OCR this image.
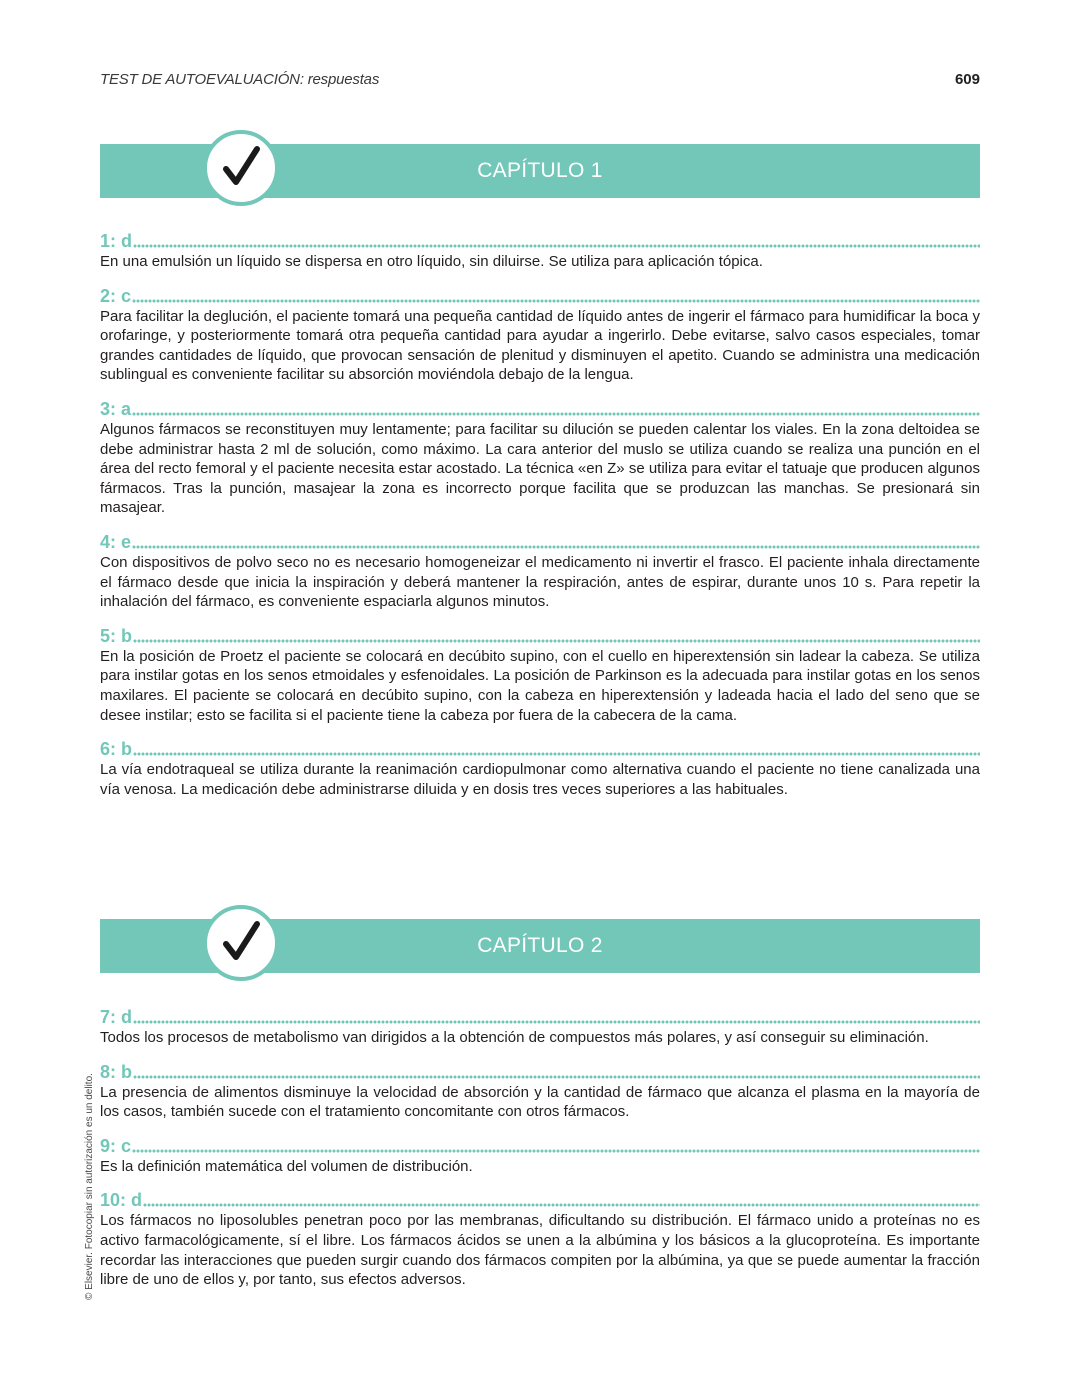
TEST DE AUTOEVALUACIÓN: respuestas	609
CAPÍTULO 1
1: d

En una emulsión un líquido se dispersa en otro líquido, sin diluirse. Se utiliza para aplicación tópica.

2: c

Para facilitar la deglución, el paciente tomará una pequeña cantidad de líquido antes de ingerir el fármaco para humidificar la boca y orofaringe, y posteriormente tomará otra pequeña cantidad para ayudar a ingerirlo. Debe evitarse, salvo casos especiales, tomar grandes cantidades de líquido, que provocan sensación de plenitud y disminuyen el apetito. Cuando se administra una medicación sublingual es conveniente facilitar su absorción moviéndola debajo de la lengua.

3: a

Algunos fármacos se reconstituyen muy lentamente; para facilitar su dilución se pueden calentar los viales. En la zona deltoidea se debe administrar hasta 2 ml de solución, como máximo. La cara anterior del muslo se utiliza cuando se realiza una punción en el área del recto femoral y el paciente necesita estar acostado. La técnica «en Z» se utiliza para evitar el tatuaje que producen algunos fármacos. Tras la punción, masajear la zona es incorrecto porque facilita que se produzcan las manchas. Se presionará sin masajear.

4: e

Con dispositivos de polvo seco no es necesario homogeneizar el medicamento ni invertir el frasco. El paciente inhala directamente el fármaco desde que inicia la inspiración y deberá mantener la respiración, antes de espirar, durante unos 10 s. Para repetir la inhalación del fármaco, es conveniente espaciarla algunos minutos.

5: b

En la posición de Proetz el paciente se colocará en decúbito supino, con el cuello en hiperextensión sin ladear la cabeza. Se utiliza para instilar gotas en los senos etmoidales y esfenoidales. La posición de Parkinson es la adecuada para instilar gotas en los senos maxilares. El paciente se colocará en decúbito supino, con la cabeza en hiperextensión y ladeada hacia el lado del seno que se desee instilar; esto se facilita si el paciente tiene la cabeza por fuera de la cabecera de la cama.

6: b

La vía endotraqueal se utiliza durante la reanimación cardiopulmonar como alternativa cuando el paciente no tiene canalizada una vía venosa. La medicación debe administrarse diluida y en dosis tres veces superiores a las habituales.

CAPÍTULO 2
7: d

Todos los procesos de metabolismo van dirigidos a la obtención de compuestos más polares, y así conseguir su eliminación.

8: b

La presencia de alimentos disminuye la velocidad de absorción y la cantidad de fármaco que alcanza el plasma en la mayoría de los casos, también sucede con el tratamiento concomitante con otros fármacos.

9: c

Es la definición matemática del volumen de distribución.

10: d

Los fármacos no liposolubles penetran poco por las membranas, dificultando su distribución. El fármaco unido a proteínas no es activo farmacológicamente, sí el libre. Los fármacos ácidos se unen a la albúmina y los básicos a la glucoproteína. Es importante recordar las interacciones que pueden surgir cuando dos fármacos compiten por la albúmina, ya que se puede aumentar la fracción libre de uno de ellos y, por tanto, sus efectos adversos.

© Elsevier. Fotocopiar sin autorización es un delito.
